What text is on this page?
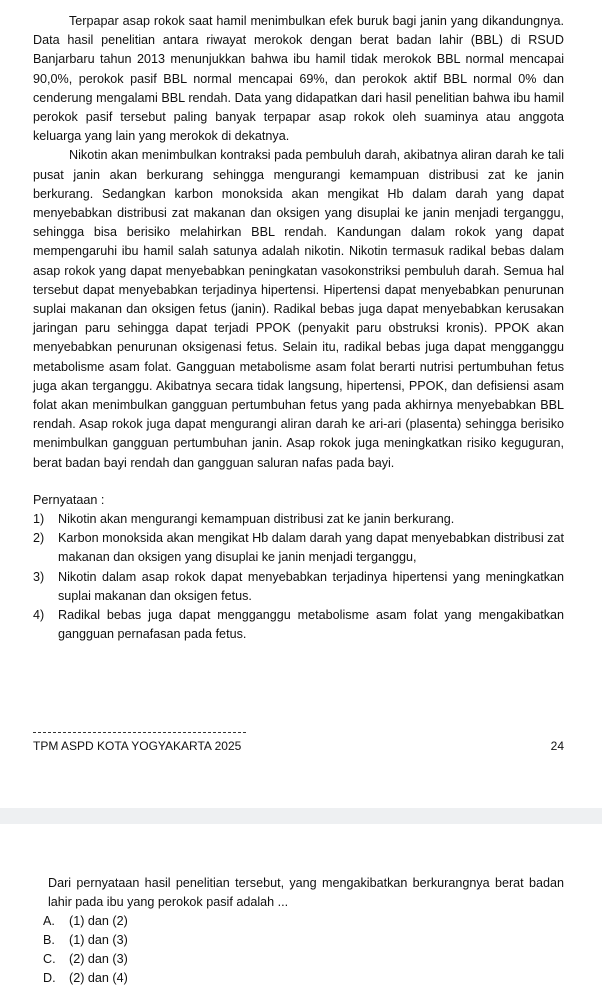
Terpapar asap rokok saat hamil menimbulkan efek buruk bagi janin yang dikandungnya. Data hasil penelitian antara riwayat merokok dengan berat badan lahir (BBL) di RSUD Banjarbaru tahun 2013 menunjukkan bahwa ibu hamil tidak merokok BBL normal mencapai 90,0%, perokok pasif BBL normal mencapai 69%, dan perokok aktif BBL normal 0% dan cenderung mengalami BBL rendah. Data yang didapatkan dari hasil penelitian bahwa ibu hamil perokok pasif tersebut paling banyak terpapar asap rokok oleh suaminya atau anggota keluarga yang lain yang merokok di dekatnya.

Nikotin akan menimbulkan kontraksi pada pembuluh darah, akibatnya aliran darah ke tali pusat janin akan berkurang sehingga mengurangi kemampuan distribusi zat ke janin berkurang. Sedangkan karbon monoksida akan mengikat Hb dalam darah yang dapat menyebabkan distribusi zat makanan dan oksigen yang disuplai ke janin menjadi terganggu, sehingga bisa berisiko melahirkan BBL rendah. Kandungan dalam rokok yang dapat mempengaruhi ibu hamil salah satunya adalah nikotin. Nikotin termasuk radikal bebas dalam asap rokok yang dapat menyebabkan peningkatan vasokonstriksi pembuluh darah. Semua hal tersebut dapat menyebabkan terjadinya hipertensi. Hipertensi dapat menyebabkan penurunan suplai makanan dan oksigen fetus (janin). Radikal bebas juga dapat menyebabkan kerusakan jaringan paru sehingga dapat terjadi PPOK (penyakit paru obstruksi kronis). PPOK akan menyebabkan penurunan oksigenasi fetus. Selain itu, radikal bebas juga dapat mengganggu metabolisme asam folat. Gangguan metabolisme asam folat berarti nutrisi pertumbuhan fetus juga akan terganggu. Akibatnya secara tidak langsung, hipertensi, PPOK, dan defisiensi asam folat akan menimbulkan gangguan pertumbuhan fetus yang pada akhirnya menyebabkan BBL rendah. Asap rokok juga dapat mengurangi aliran darah ke ari-ari (plasenta) sehingga berisiko menimbulkan gangguan pertumbuhan janin. Asap rokok juga meningkatkan risiko keguguran, berat badan bayi rendah dan gangguan saluran nafas pada bayi.

Pernyataan :
1) Nikotin akan mengurangi kemampuan distribusi zat ke janin berkurang.
2) Karbon monoksida akan mengikat Hb dalam darah yang dapat menyebabkan distribusi zat makanan dan oksigen yang disuplai ke janin menjadi terganggu,
3) Nikotin dalam asap rokok dapat menyebabkan terjadinya hipertensi yang meningkatkan suplai makanan dan oksigen fetus.
4) Radikal bebas juga dapat mengganggu metabolisme asam folat yang mengakibatkan gangguan pernafasan pada fetus.
TPM ASPD KOTA YOGYAKARTA 2025	24

Dari pernyataan hasil penelitian tersebut, yang mengakibatkan berkurangnya berat badan lahir pada ibu yang perokok pasif adalah ...

A.	(1) dan (2)
B.	(1) dan (3)
C.	(2) dan (3)
D.	(2) dan (4)
